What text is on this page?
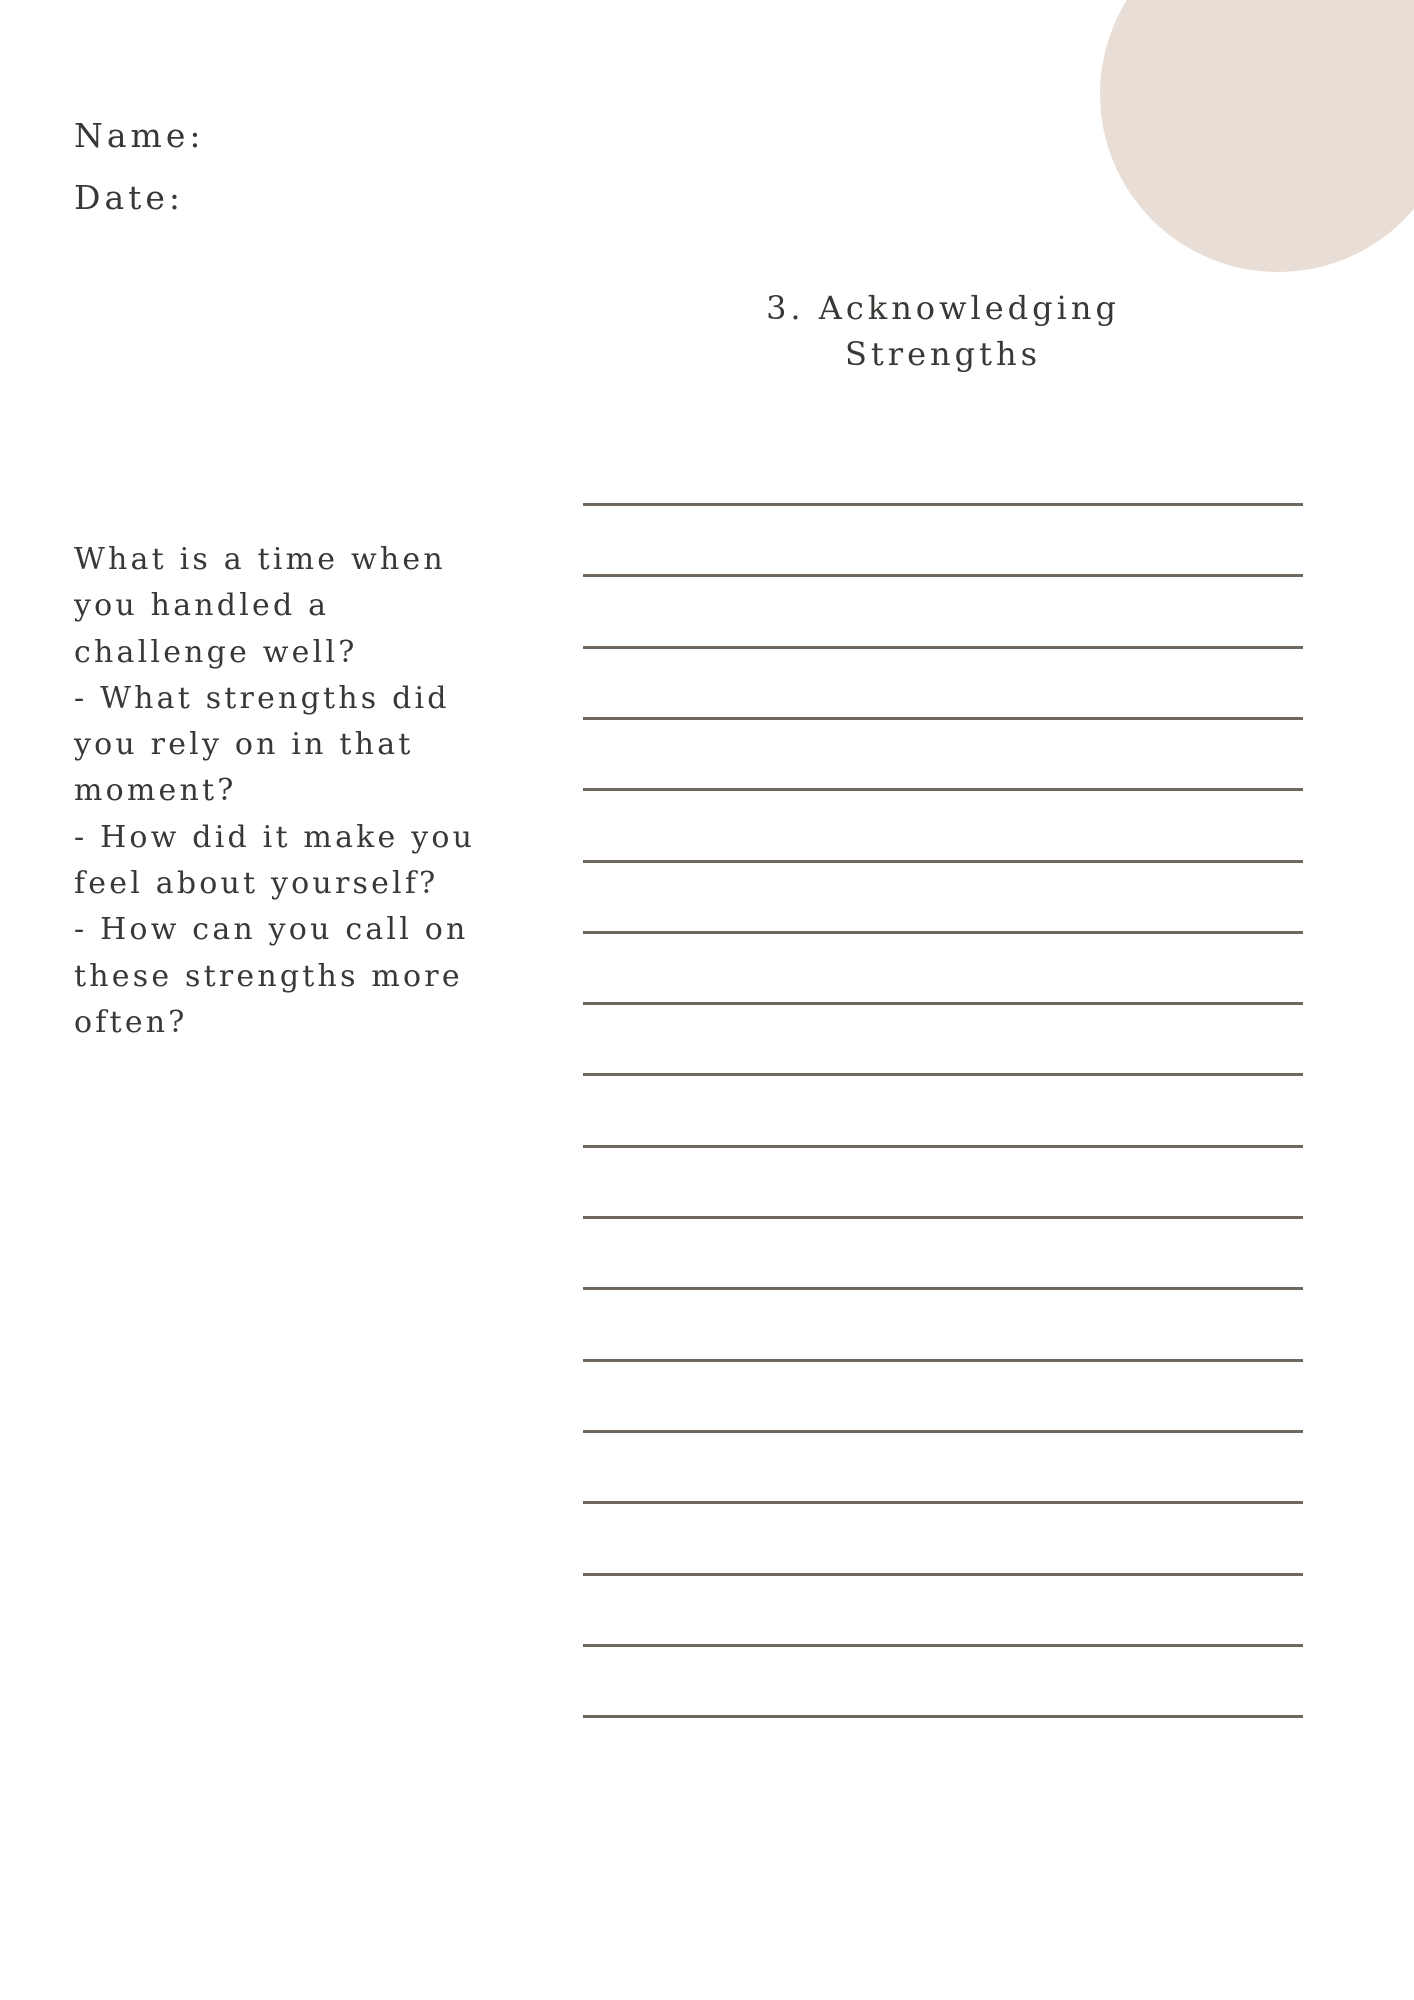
Name:
Date:
3. Acknowledging
Strengths
What is a time when
you handled a
challenge well?
- What strengths did
you rely on in that
moment?
- How did it make you
feel about yourself?
- How can you call on
these strengths more
often?
